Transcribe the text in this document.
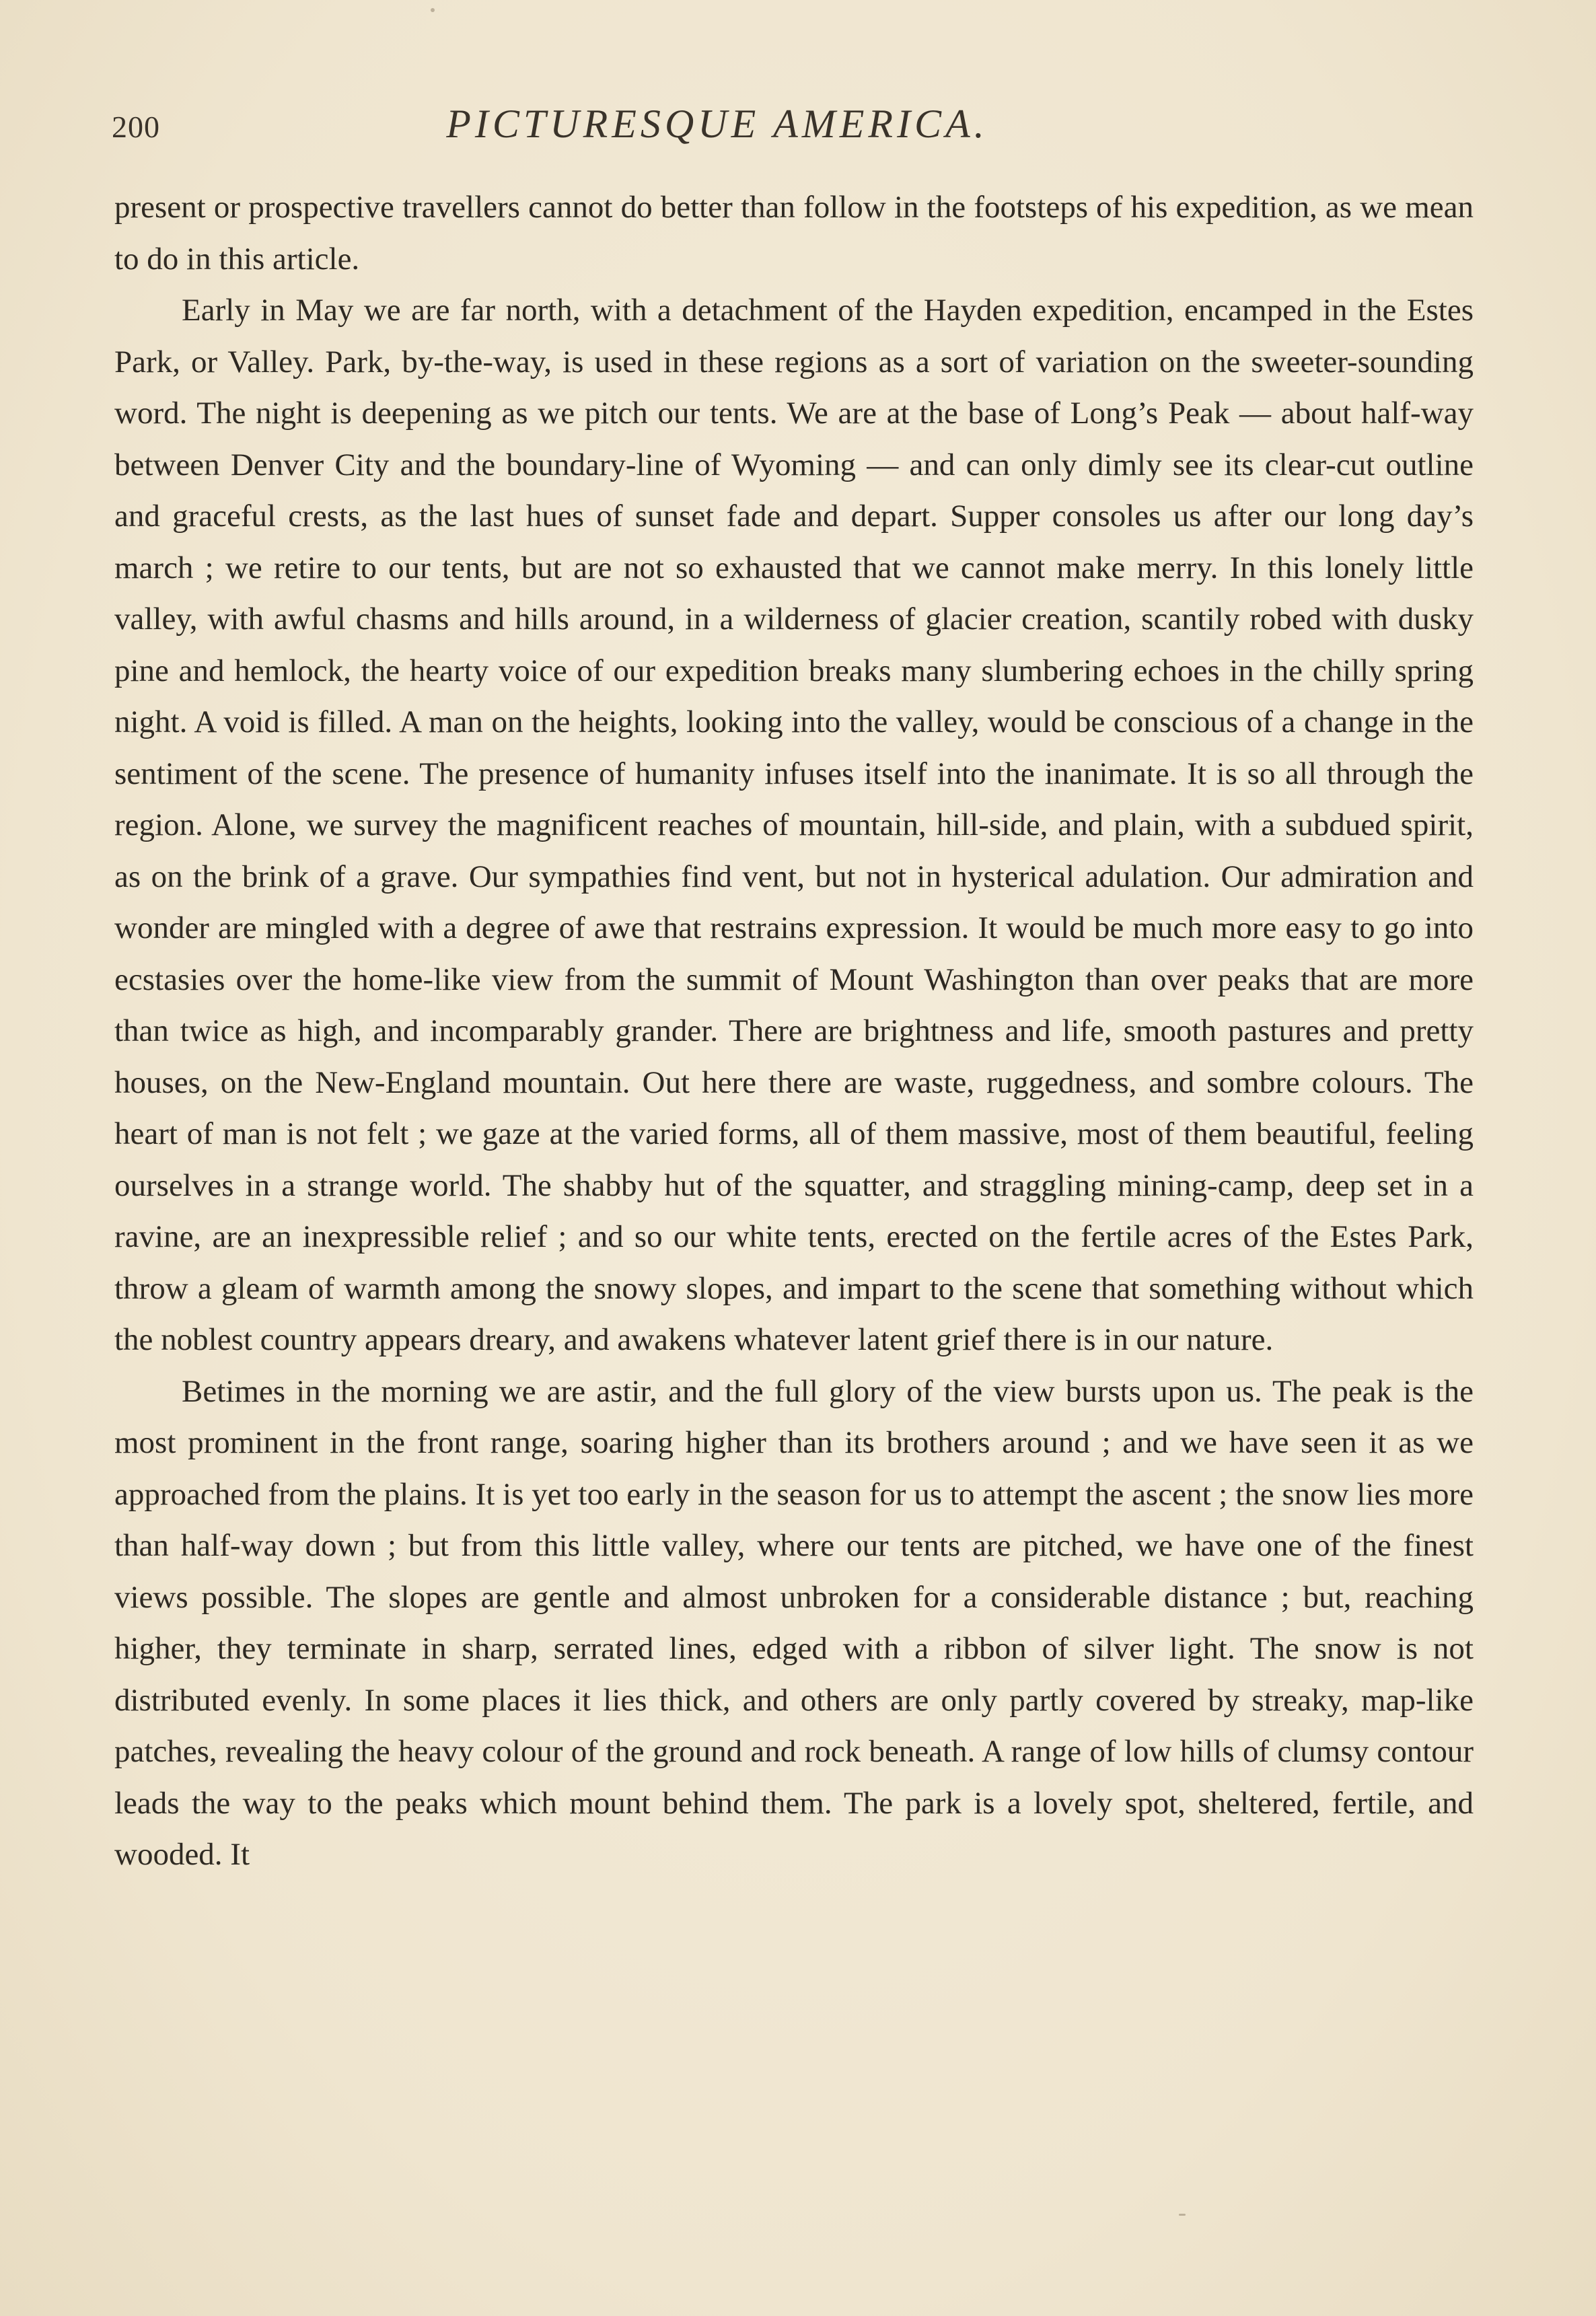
200	PICTURESQUE AMERICA.

present or prospective travellers cannot do better than follow in the footsteps of his expedition, as we mean to do in this article.

Early in May we are far north, with a detachment of the Hayden expedition, encamped in the Estes Park, or Valley. Park, by-the-way, is used in these regions as a sort of variation on the sweeter-sounding word. The night is deepening as we pitch our tents. We are at the base of Long’s Peak — about half-way between Denver City and the boundary-line of Wyoming — and can only dimly see its clear-cut outline and graceful crests, as the last hues of sunset fade and depart. Supper consoles us after our long day’s march ; we retire to our tents, but are not so exhausted that we cannot make merry. In this lonely little valley, with awful chasms and hills around, in a wilderness of glacier creation, scantily robed with dusky pine and hemlock, the hearty voice of our expedition breaks many slumbering echoes in the chilly spring night. A void is filled. A man on the heights, looking into the valley, would be conscious of a change in the sentiment of the scene. The presence of humanity infuses itself into the inanimate. It is so all through the region. Alone, we survey the magnificent reaches of mountain, hill-side, and plain, with a subdued spirit, as on the brink of a grave. Our sympathies find vent, but not in hysterical adulation. Our admiration and wonder are mingled with a degree of awe that restrains expression. It would be much more easy to go into ecstasies over the home-like view from the summit of Mount Washington than over peaks that are more than twice as high, and incomparably grander. There are brightness and life, smooth pastures and pretty houses, on the New-England mountain. Out here there are waste, ruggedness, and sombre colours. The heart of man is not felt ; we gaze at the varied forms, all of them massive, most of them beautiful, feeling ourselves in a strange world. The shabby hut of the squatter, and straggling mining-camp, deep set in a ravine, are an inexpressible relief ; and so our white tents, erected on the fertile acres of the Estes Park, throw a gleam of warmth among the snowy slopes, and impart to the scene that something without which the noblest country appears dreary, and awakens whatever latent grief there is in our nature.

Betimes in the morning we are astir, and the full glory of the view bursts upon us. The peak is the most prominent in the front range, soaring higher than its brothers around ; and we have seen it as we approached from the plains. It is yet too early in the season for us to attempt the ascent ; the snow lies more than half-way down ; but from this little valley, where our tents are pitched, we have one of the finest views possible. The slopes are gentle and almost unbroken for a considerable distance ; but, reaching higher, they terminate in sharp, serrated lines, edged with a ribbon of silver light. The snow is not distributed evenly. In some places it lies thick, and others are only partly covered by streaky, map-like patches, revealing the heavy colour of the ground and rock beneath. A range of low hills of clumsy contour leads the way to the peaks which mount behind them. The park is a lovely spot, sheltered, fertile, and wooded. It
